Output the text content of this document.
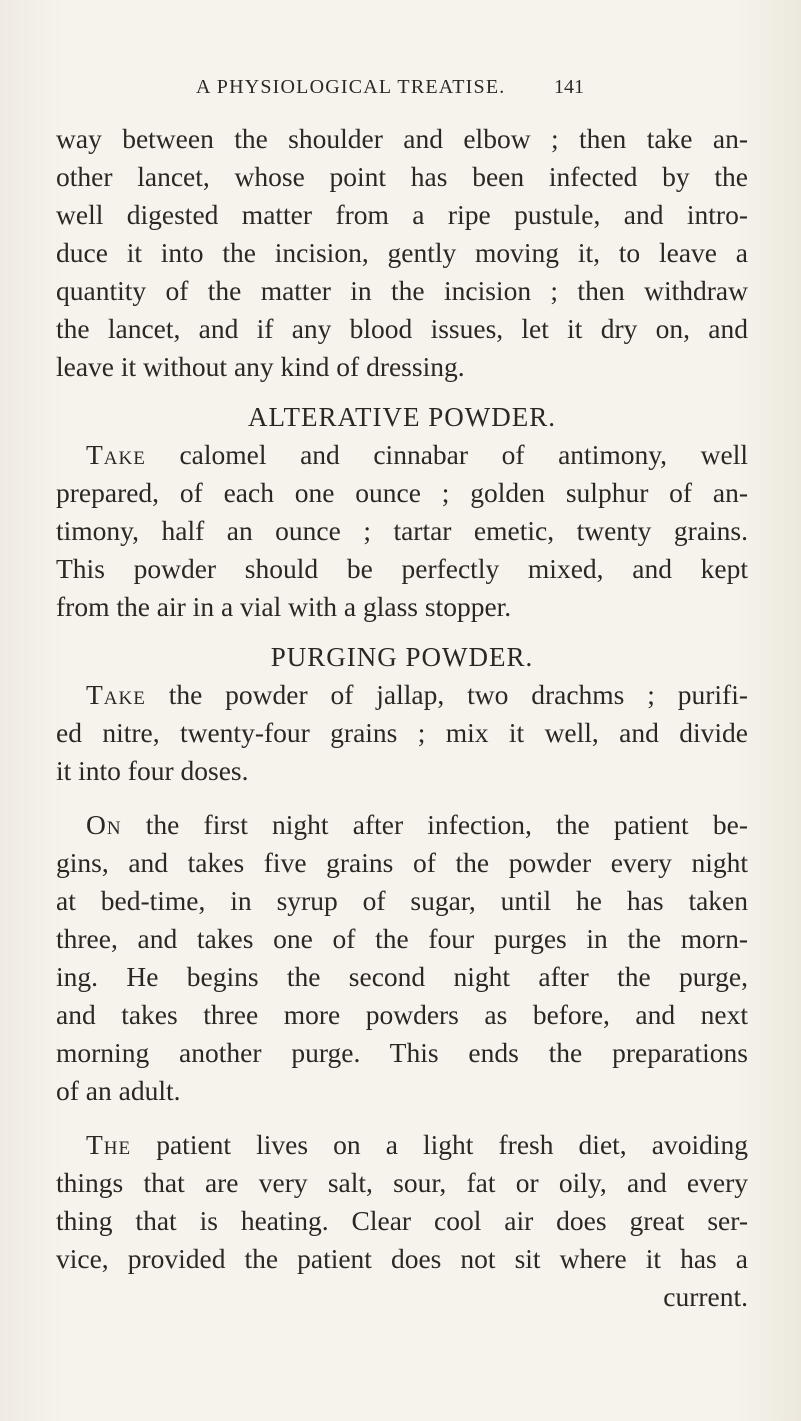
A PHYSIOLOGICAL TREATISE. 141
way between the shoulder and elbow ; then take an-
other lancet, whose point has been infected by the
well digested matter from a ripe pustule, and intro-
duce it into the incision, gently moving it, to leave a
quantity of the matter in the incision ; then withdraw
the lancet, and if any blood issues, let it dry on, and
leave it without any kind of dressing.
ALTERATIVE POWDER.
Take calomel and cinnabar of antimony, well
prepared, of each one ounce ; golden sulphur of an-
timony, half an ounce ; tartar emetic, twenty grains.
This powder should be perfectly mixed, and kept
from the air in a vial with a glass stopper.
PURGING POWDER.
Take the powder of jallap, two drachms ; purifi-
ed nitre, twenty-four grains ; mix it well, and divide
it into four doses.
On the first night after infection, the patient be-
gins, and takes five grains of the powder every night
at bed-time, in syrup of sugar, until he has taken
three, and takes one of the four purges in the morn-
ing. He begins the second night after the purge,
and takes three more powders as before, and next
morning another purge. This ends the preparations
of an adult.
The patient lives on a light fresh diet, avoiding
things that are very salt, sour, fat or oily, and every
thing that is heating. Clear cool air does great ser-
vice, provided the patient does not sit where it has a
current.
